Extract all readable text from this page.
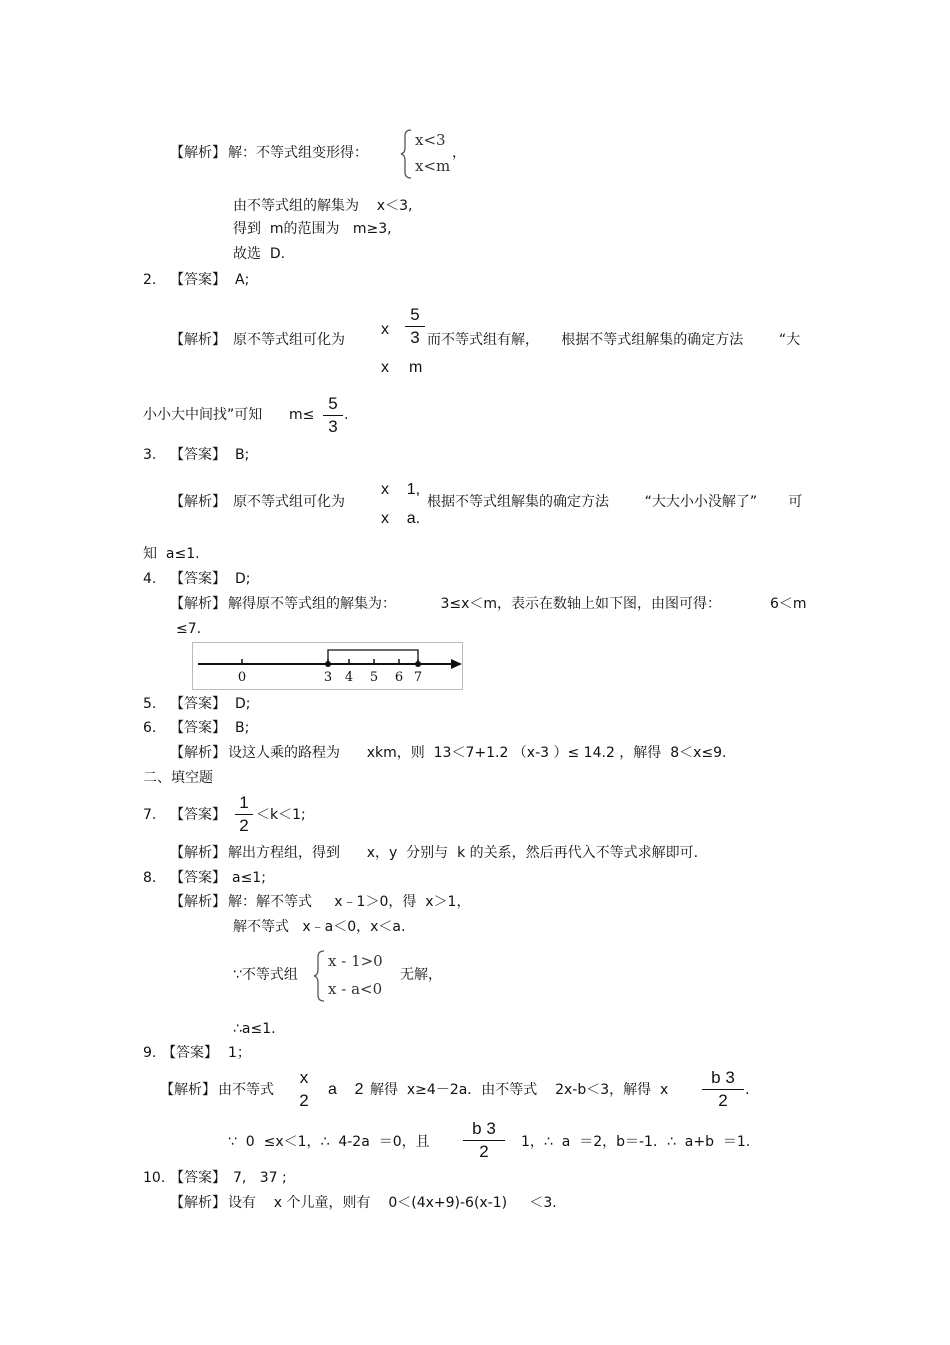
【解析】 解：不等式组变形得：
x<3
x<m
，
由不等式组的解集为    x＜3,
得到  m的范围为   m≥3,
故选  D.
2. 【答案】 A;
【解析】 原不等式组可化为
x
5
3
x m
而不等式组有解，     根据不等式组解集的确定方法        “大
小小大中间找”可知      m≤
5
3
.
3. 【答案】 B;
【解析】 原不等式组可化为
x    1,
x    a.
根据不等式组解集的确定方法        “大大小小没解了”       可
知  a≤1.
4. 【答案】 D;
【解析】 解得原不等式组的解集为：          3≤x＜m，表示在数轴上如下图，由图可得：           6＜m
≤7.
0	3 4 5 6 7
5. 【答案】 D;
6. 【答案】 B;
【解析】 设这人乘的路程为      xkm，则  13＜7+1.2 （x-3 ）≤ 14.2 ，解得  8＜x≤9.
二、填空题
7. 【答案】
1
2
＜k＜1;
【解析】 解出方程组，得到      x，y  分别与  k 的关系，然后再代入不等式求解即可.
8. 【答案】 a≤1;
【解析】 解：解不等式     x﹣1＞0，得  x＞1，
解不等式   x﹣a＜0，x＜a.
∵不等式组
x - 1>0
x - a<0
无解，
∴a≤1.
9. 【答案】 1；
【解析】 由不等式
x
2
a    2 解得  x≥4－2a．由不等式    2x-b＜3，解得  x
b 3
2
.
∵  0  ≤x＜1，∴  4-2a  ＝0，且
b 3
2	1，∴  a  ＝2，b＝-1．∴  a+b  ＝1.
10. 【答案】 7,   37 ;
【解析】 设有    x 个儿童，则有    0＜(4x+9)-6(x-1)     ＜3.
